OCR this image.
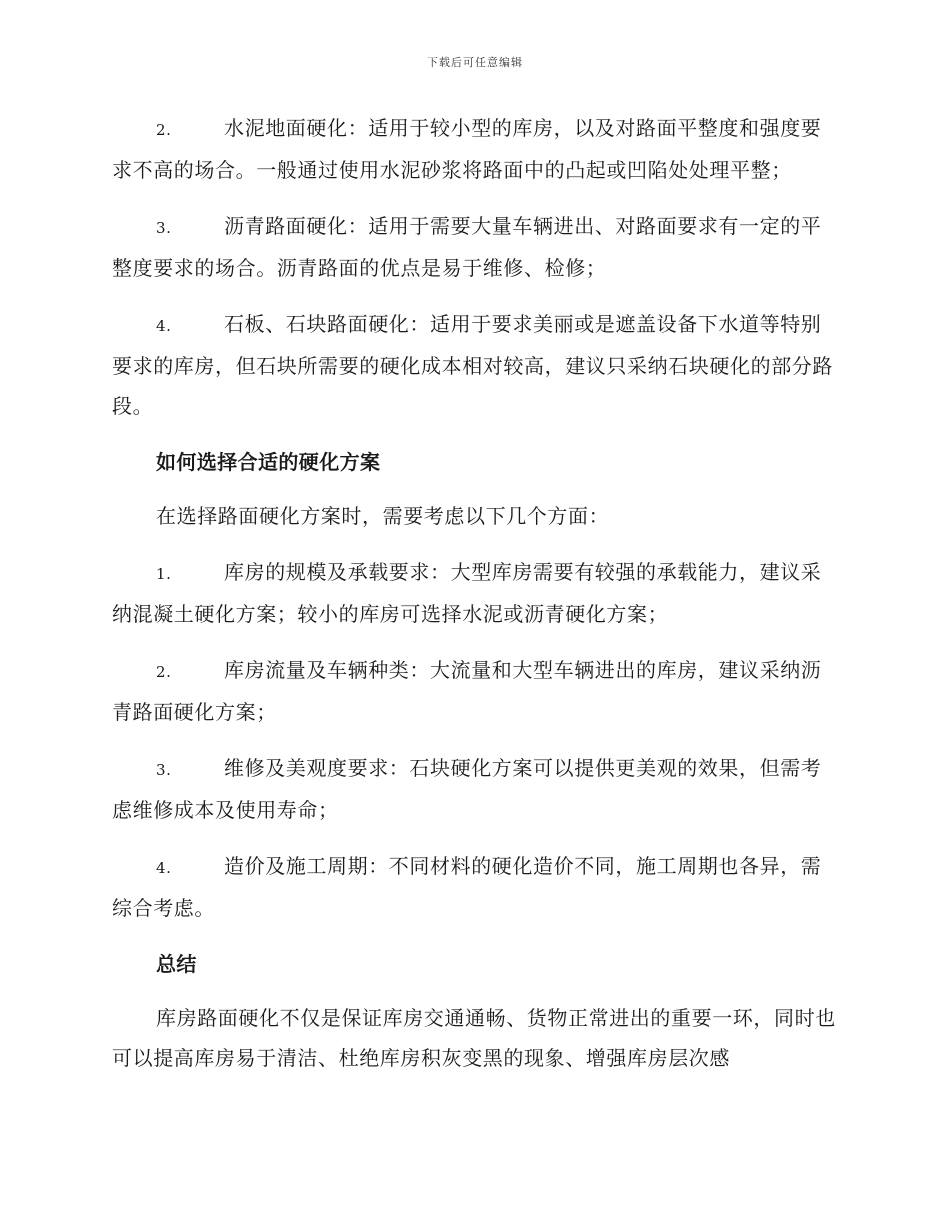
下载后可任意编辑
2.	水泥地面硬化：适用于较小型的库房，以及对路面平整度和强度要求不高的场合。一般通过使用水泥砂浆将路面中的凸起或凹陷处处理平整；
3.	沥青路面硬化：适用于需要大量车辆进出、对路面要求有一定的平整度要求的场合。沥青路面的优点是易于维修、检修；
4.	石板、石块路面硬化：适用于要求美丽或是遮盖设备下水道等特别要求的库房，但石块所需要的硬化成本相对较高，建议只采纳石块硬化的部分路段。
如何选择合适的硬化方案
在选择路面硬化方案时，需要考虑以下几个方面：
1.	库房的规模及承载要求：大型库房需要有较强的承载能力，建议采纳混凝土硬化方案；较小的库房可选择水泥或沥青硬化方案；
2.	库房流量及车辆种类：大流量和大型车辆进出的库房，建议采纳沥青路面硬化方案；
3.	维修及美观度要求：石块硬化方案可以提供更美观的效果，但需考虑维修成本及使用寿命；
4.	造价及施工周期：不同材料的硬化造价不同，施工周期也各异，需综合考虑。
总结
库房路面硬化不仅是保证库房交通通畅、货物正常进出的重要一环，同时也可以提高库房易于清洁、杜绝库房积灰变黑的现象、增强库房层次感
